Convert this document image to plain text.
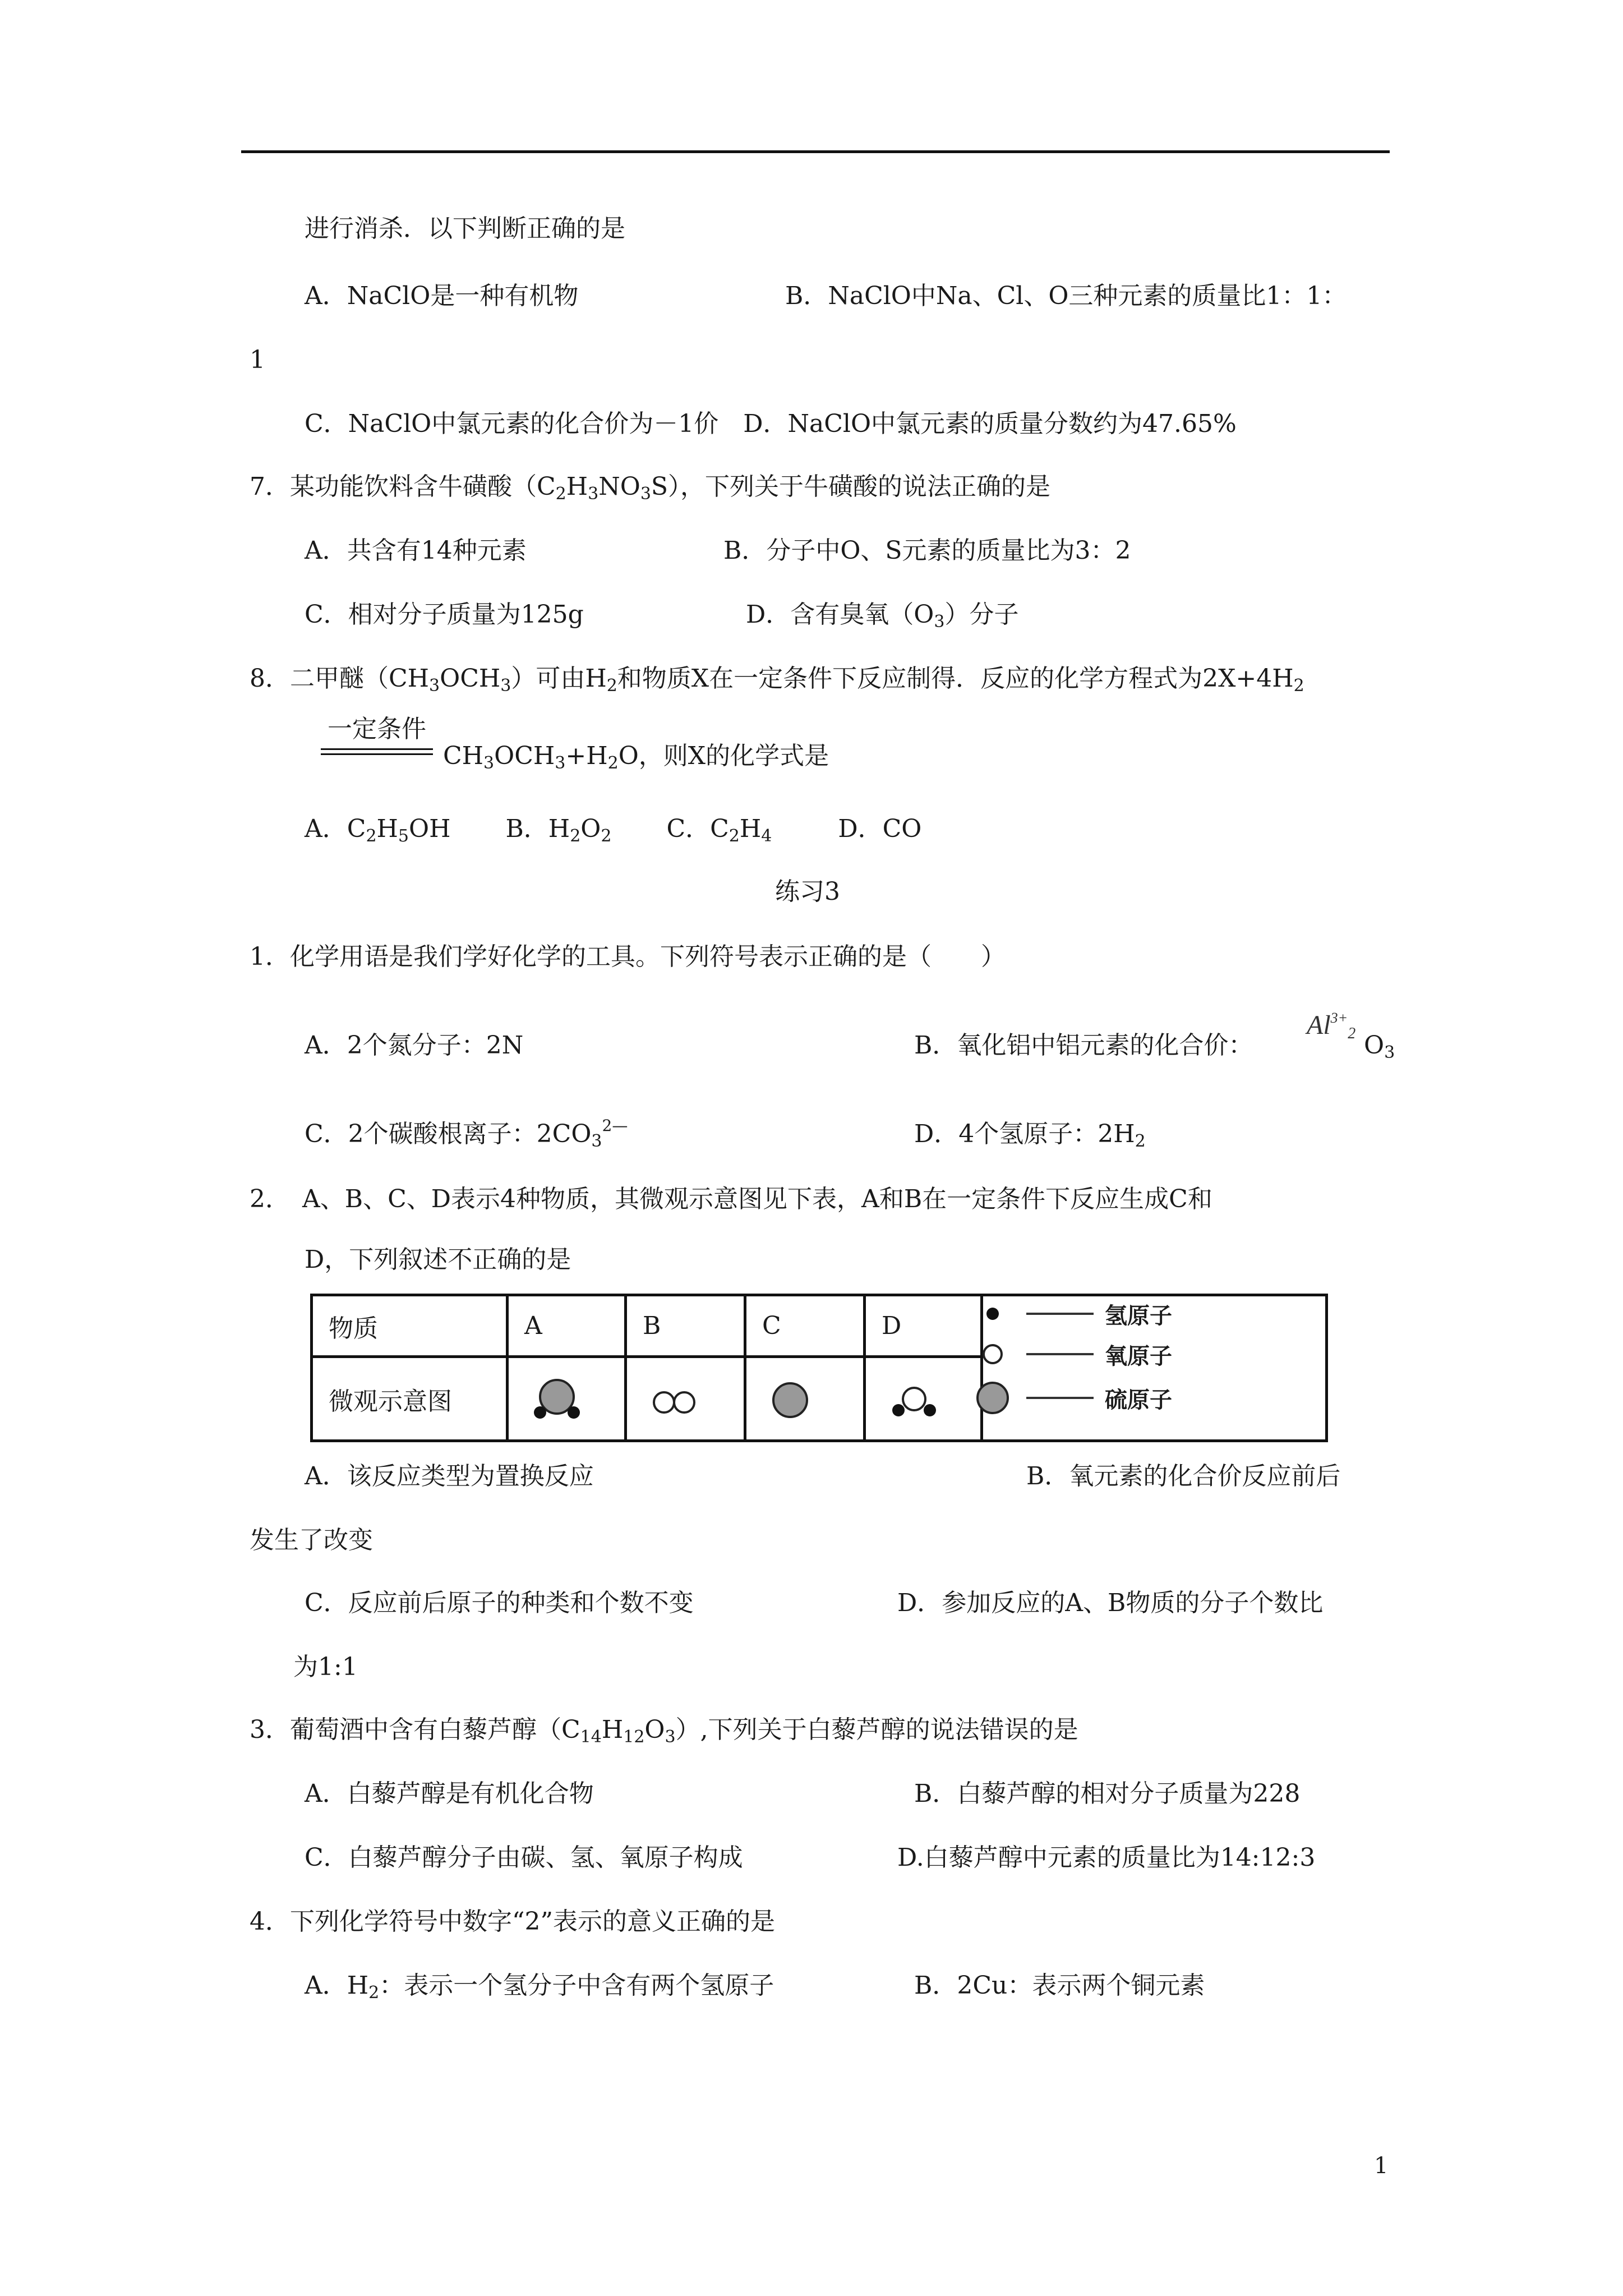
进行消杀．以下判断正确的是
A．NaClO是一种有机物	B．NaClO中Na、Cl、O三种元素的质量比1：1：
1
C．NaClO中氯元素的化合价为－1价　D．NaClO中氯元素的质量分数约为47.65%
7．某功能饮料含牛磺酸$(C_2H_3NO_3S)$，下列关于牛磺酸的说法正确的是
A．共含有14种元素	B．分子中O、S元素的质量比为3：2
C．相对分子质量为125g	D．含有臭氧$(O_3)$分子
8．二甲醚$(CH_3OCH_3)$可由$H_2$和物质X在一定条件下反应制得．反应的化学方程式为$2X+4H_2$
一定条件
$CH_3OCH_3+H_2O$，则X的化学式是
A．$C_2H_5OH$ B．$H_2O_2$ C．$C_2H_4$	D．CO
练习3
1．化学用语是我们学好化学的工具。下列符号表示正确的是（　　）
A．2个氮分子：2N	B．氧化铝中铝元素的化合价：
$Al^{3+}_2$ $O_3$
C．2个碳酸根离子：$2CO_3^{2—}$	D．4个氢原子：$2H_2$
2．　A、B、C、D表示4种物质，其微观示意图见下表，A和B在一定条件下反应生成C和
D，下列叙述不正确的是
物质	A	B	C	D	
微观示意图	

氢原子
氧原子
硫原子
A．该反应类型为置换反应	B．氧元素的化合价反应前后
发生了改变
C．反应前后原子的种类和个数不变	D．参加反应的A、B物质的分子个数比
为1:1
3．葡萄酒中含有白藜芦醇$(C_{14}H_{12}O_3)$,下列关于白藜芦醇的说法错误的是
A．白藜芦醇是有机化合物	B．白藜芦醇的相对分子质量为228
C．白藜芦醇分子由碳、氢、氧原子构成	D.白藜芦醇中元素的质量比为14:12:3
4．下列化学符号中数字“2”表示的意义正确的是
A．$H_2$：表示一个氢分子中含有两个氢原子	B．2Cu：表示两个铜元素
1
